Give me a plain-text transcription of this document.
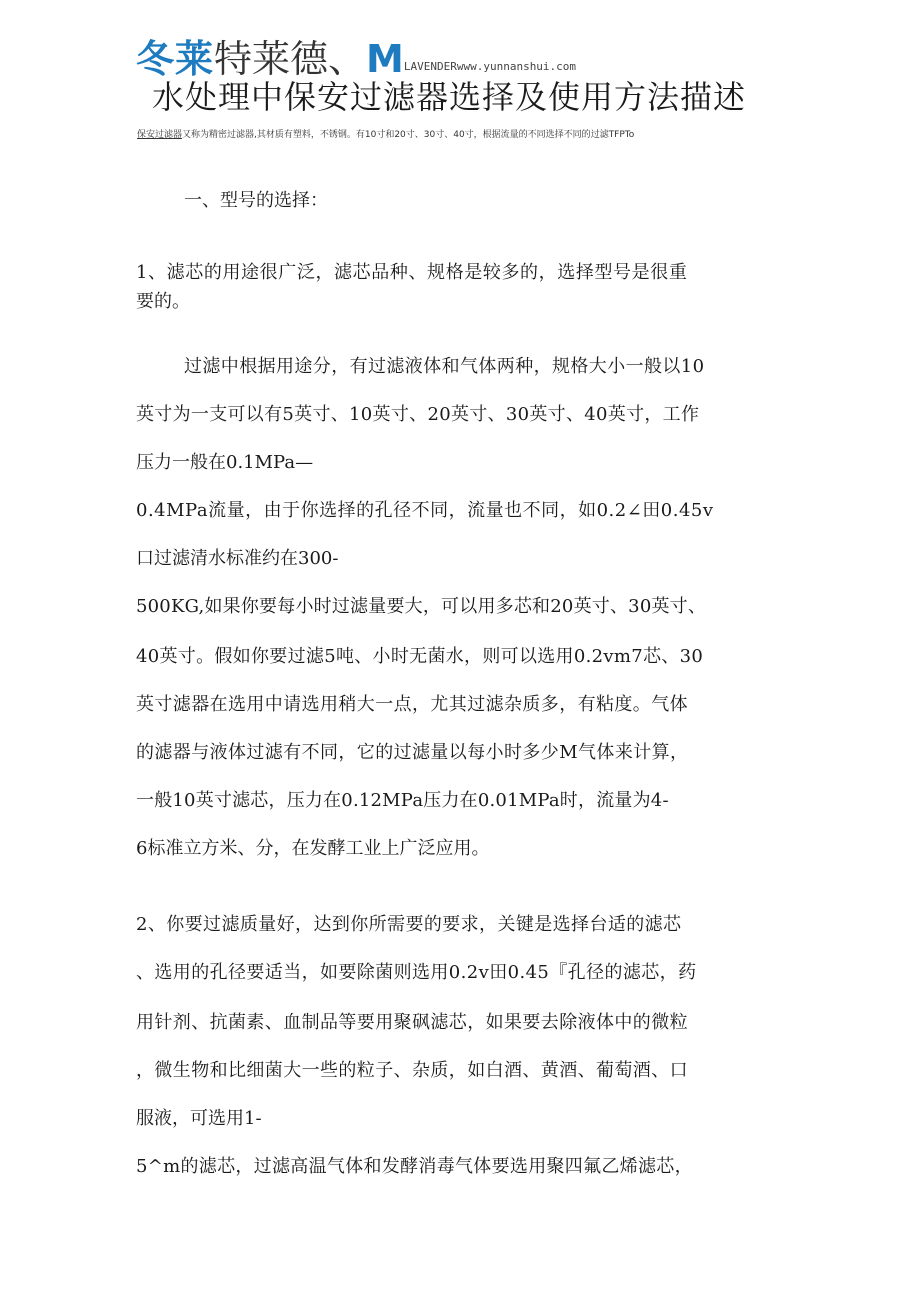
冬莱特莱德、MLAVENDERwww.yunnanshui.com
水处理中保安过滤器选择及使用方法描述
保安过滤器又称为精密过滤器,其材质有塑料，不锈钢。有10寸和20寸、30寸、40寸，根据流量的不同选择不同的过滤TFPTo
一、型号的选择：
1、滤芯的用途很广泛，滤芯品种、规格是较多的，选择型号是很重
要的。
过滤中根据用途分，有过滤液体和气体两种，规格大小一般以10
英寸为一支可以有5英寸、10英寸、20英寸、30英寸、40英寸，工作
压力一般在0.1MPa—
0.4MPa流量，由于你选择的孔径不同，流量也不同，如0.2∠田0.45v
口过滤清水标准约在300-
500KG,如果你要每小时过滤量要大，可以用多芯和20英寸、30英寸、
40英寸。假如你要过滤5吨、小时无菌水，则可以选用0.2vm7芯、30
英寸滤器在选用中请选用稍大一点，尤其过滤杂质多，有粘度。气体
的滤器与液体过滤有不同，它的过滤量以每小时多少M气体来计算，
一般10英寸滤芯，压力在0.12MPa压力在0.01MPa时，流量为4-
6标准立方米、分，在发酵工业上广泛应用。
2、你要过滤质量好，达到你所需要的要求，关键是选择台适的滤芯
、选用的孔径要适当，如要除菌则选用0.2v田0.45『孔径的滤芯，药
用针剂、抗菌素、血制品等要用聚砜滤芯，如果要去除液体中的微粒
，微生物和比细菌大一些的粒子、杂质，如白酒、黄酒、葡萄酒、口
服液，可选用1-
5^m的滤芯，过滤高温气体和发酵消毒气体要选用聚四氟乙烯滤芯，
